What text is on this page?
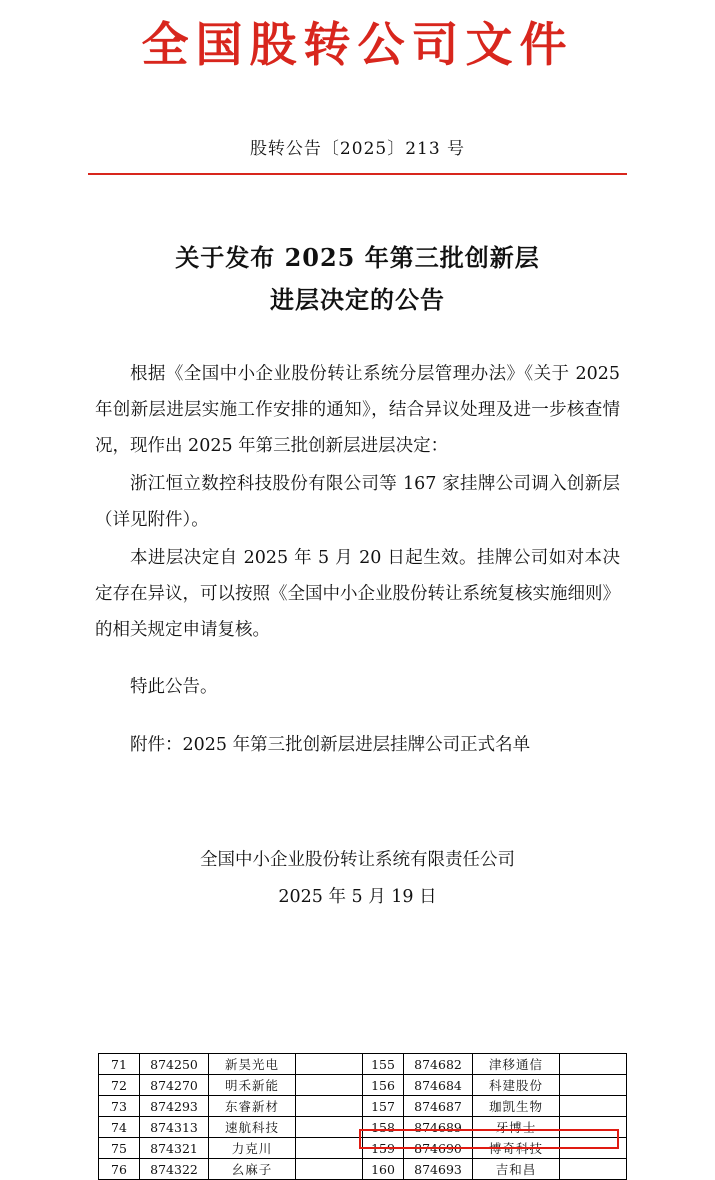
全国股转公司文件
股转公告〔2025〕213 号
关于发布 2025 年第三批创新层
进层决定的公告

根据《全国中小企业股份转让系统分层管理办法》《关于 2025 年创新层进层实施工作安排的通知》，结合异议处理及进一步核查情况，现作出 2025 年第三批创新层进层决定：

浙江恒立数控科技股份有限公司等 167 家挂牌公司调入创新层（详见附件）。

本进层决定自 2025 年 5 月 20 日起生效。挂牌公司如对本决定存在异议，可以按照《全国中小企业股份转让系统复核实施细则》的相关规定申请复核。

特此公告。

附件：2025 年第三批创新层进层挂牌公司正式名单

全国中小企业股份转让系统有限责任公司
2025 年 5 月 19 日
71	874250	新昊光电		155	874682	津移通信	
72	874270	明禾新能		156	874684	科建股份	
73	874293	东睿新材		157	874687	珈凯生物	
74	874313	速航科技		158	874689	牙博士	
75	874321	力克川		159	874690	博奇科技	
76	874322	幺麻子		160	874693	吉和昌	
